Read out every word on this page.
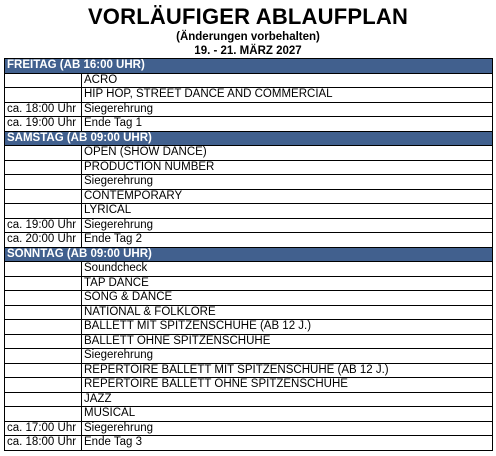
VORLÄUFIGER ABLAUFPLAN
(Änderungen vorbehalten)
19. - 21. MÄRZ 2027
FREITAG (AB 16:00 UHR)	
	ACRO
	HIP HOP, STREET DANCE AND COMMERCIAL
ca. 18:00 Uhr	Siegerehrung
ca. 19:00 Uhr	Ende Tag 1
SAMSTAG (AB 09:00 UHR)	
	OPEN (SHOW DANCE)
	PRODUCTION NUMBER
	Siegerehrung
	CONTEMPORARY
	LYRICAL
ca. 19:00 Uhr	Siegerehrung
ca. 20:00 Uhr	Ende Tag 2
SONNTAG (AB 09:00 UHR)	
	Soundcheck
	TAP DANCE
	SONG & DANCE
	NATIONAL & FOLKLORE
	BALLETT MIT SPITZENSCHUHE (AB 12 J.)
	BALLETT OHNE SPITZENSCHUHE
	Siegerehrung
	REPERTOIRE BALLETT MIT SPITZENSCHUHE (AB 12 J.)
	REPERTOIRE BALLETT OHNE SPITZENSCHUHE
	JAZZ
	MUSICAL
ca. 17:00 Uhr	Siegerehrung
ca. 18:00 Uhr	Ende Tag 3
